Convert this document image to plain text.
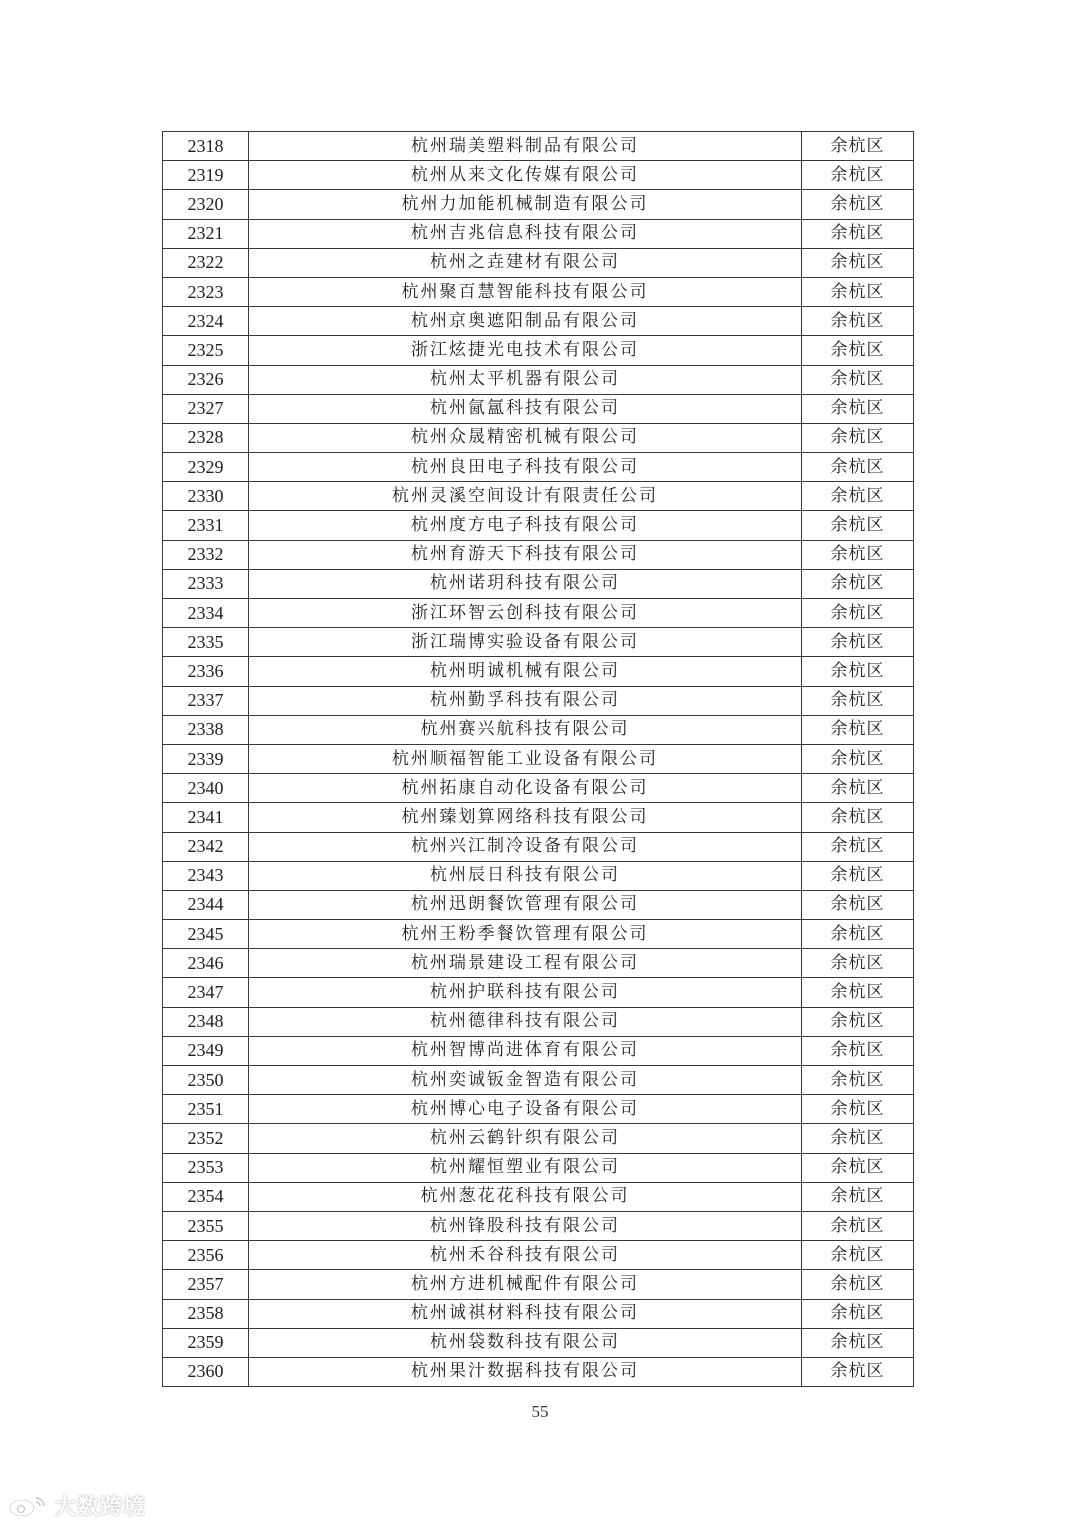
2318	杭州瑞美塑料制品有限公司	余杭区
2319	杭州从来文化传媒有限公司	余杭区
2320	杭州力加能机械制造有限公司	余杭区
2321	杭州吉兆信息科技有限公司	余杭区
2322	杭州之垚建材有限公司	余杭区
2323	杭州聚百慧智能科技有限公司	余杭区
2324	杭州京奥遮阳制品有限公司	余杭区
2325	浙江炫捷光电技术有限公司	余杭区
2326	杭州太平机器有限公司	余杭区
2327	杭州氤氲科技有限公司	余杭区
2328	杭州众晟精密机械有限公司	余杭区
2329	杭州良田电子科技有限公司	余杭区
2330	杭州灵溪空间设计有限责任公司	余杭区
2331	杭州度方电子科技有限公司	余杭区
2332	杭州育游天下科技有限公司	余杭区
2333	杭州诺玥科技有限公司	余杭区
2334	浙江环智云创科技有限公司	余杭区
2335	浙江瑞博实验设备有限公司	余杭区
2336	杭州明诚机械有限公司	余杭区
2337	杭州勤孚科技有限公司	余杭区
2338	杭州赛兴航科技有限公司	余杭区
2339	杭州顺福智能工业设备有限公司	余杭区
2340	杭州拓康自动化设备有限公司	余杭区
2341	杭州臻划算网络科技有限公司	余杭区
2342	杭州兴江制冷设备有限公司	余杭区
2343	杭州辰日科技有限公司	余杭区
2344	杭州迅朗餐饮管理有限公司	余杭区
2345	杭州王粉季餐饮管理有限公司	余杭区
2346	杭州瑞景建设工程有限公司	余杭区
2347	杭州护联科技有限公司	余杭区
2348	杭州德律科技有限公司	余杭区
2349	杭州智博尚进体育有限公司	余杭区
2350	杭州奕诚钣金智造有限公司	余杭区
2351	杭州博心电子设备有限公司	余杭区
2352	杭州云鹤针织有限公司	余杭区
2353	杭州耀恒塑业有限公司	余杭区
2354	杭州葱花花科技有限公司	余杭区
2355	杭州锋股科技有限公司	余杭区
2356	杭州禾谷科技有限公司	余杭区
2357	杭州方进机械配件有限公司	余杭区
2358	杭州诚祺材料科技有限公司	余杭区
2359	杭州袋数科技有限公司	余杭区
2360	杭州果汁数据科技有限公司	余杭区
55
大数跨境
